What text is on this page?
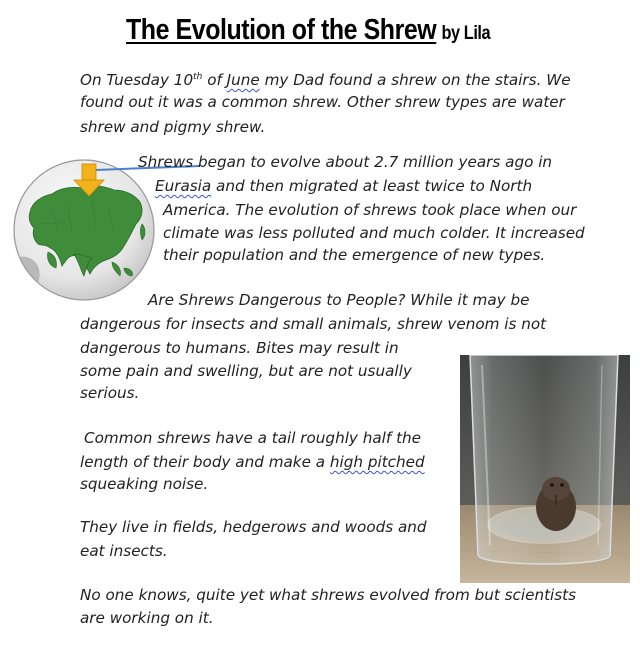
The Evolution of the Shrew by Lila

On Tuesday 10th of June my Dad found a shrew on the stairs. We

found out it was a common shrew. Other shrew types are water

shrew and pigmy shrew.

Shrews began to evolve about 2.7 million years ago in

Eurasia and then migrated at least twice to North

America. The evolution of shrews took place when our

climate was less polluted and much colder. It increased

their population and the emergence of new types.

Are Shrews Dangerous to People? While it may be

dangerous for insects and small animals, shrew venom is not

dangerous to humans. Bites may result in

some pain and swelling, but are not usually

serious.

Common shrews have a tail roughly half the

length of their body and make a high pitched

squeaking noise.

They live in fields, hedgerows and woods and

eat insects.

No one knows, quite yet what shrews evolved from but scientists

are working on it.
